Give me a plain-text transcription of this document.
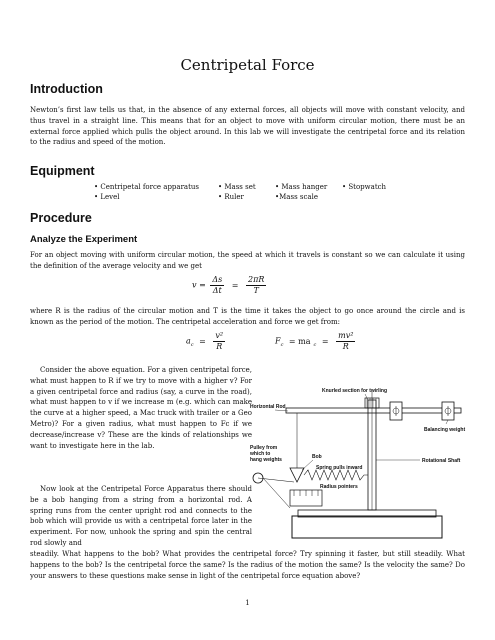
Centripetal Force
Introduction
Newton’s first law tells us that, in the absence of any external forces, all objects will move with constant velocity, and thus travel in a straight line. This means that for an object to move with uniform circular motion, there must be an external force applied which pulls the object around. In this lab we will investigate the centripetal force and its relation to the radius and speed of the motion.
Equipment
• Centripetal force apparatus	• Mass set	• Mass hanger • Stopwatch
• Level	• Ruler	•Mass scale
Procedure
Analyze the Experiment
For an object moving with uniform circular motion, the speed at which it travels is constant so we can calculate it using the definition of the average velocity and we get
$v = \frac{\Delta s}{\Delta t} = \frac{2\pi R}{T}$
where R is the radius of the circular motion and T is the time it takes the object to go once around the circle and is known as the period of the motion. The centripetal acceleration and force we get from:
$a_c = \frac{\text{v²}}{R}$	$F_c$ = ma $_c = \frac{\text{mv²}}{R}$
Consider the above equation. For a given centripetal force, what must happen to R if we try to move with a higher v? For a given centripetal force and radius (say, a curve in the road), what must happen to v if we increase m (e.g. which can make the curve at a higher speed, a Mac truck with trailer or a Geo Metro)? For a given radius, what must happen to Fc if we decrease/increase v? These are the kinds of relationships we want to investigate here in the lab.
Now look at the Centripetal Force Apparatus there should be a bob hanging from a string from a horizontal rod. A spring runs from the center upright rod and connects to the bob which will provide us with a centripetal force later in the experiment. For now, unhook the spring and spin the central rod slowly and
steadily. What happens to the bob? What provides the centripetal force? Try spinning it faster, but still steadily. What happens to the bob? Is the centripetal force the same? Is the radius of the motion the same? Is the velocity the same? Do your answers to these questions make sense in light of the centripetal force equation above?
Knurled section for twirling
Horizontal Rod
Pulley from
which to
hang weights	Bob
Spring pulls inward
Radius pointers
Balancing weight
Rotational Shaft
1
